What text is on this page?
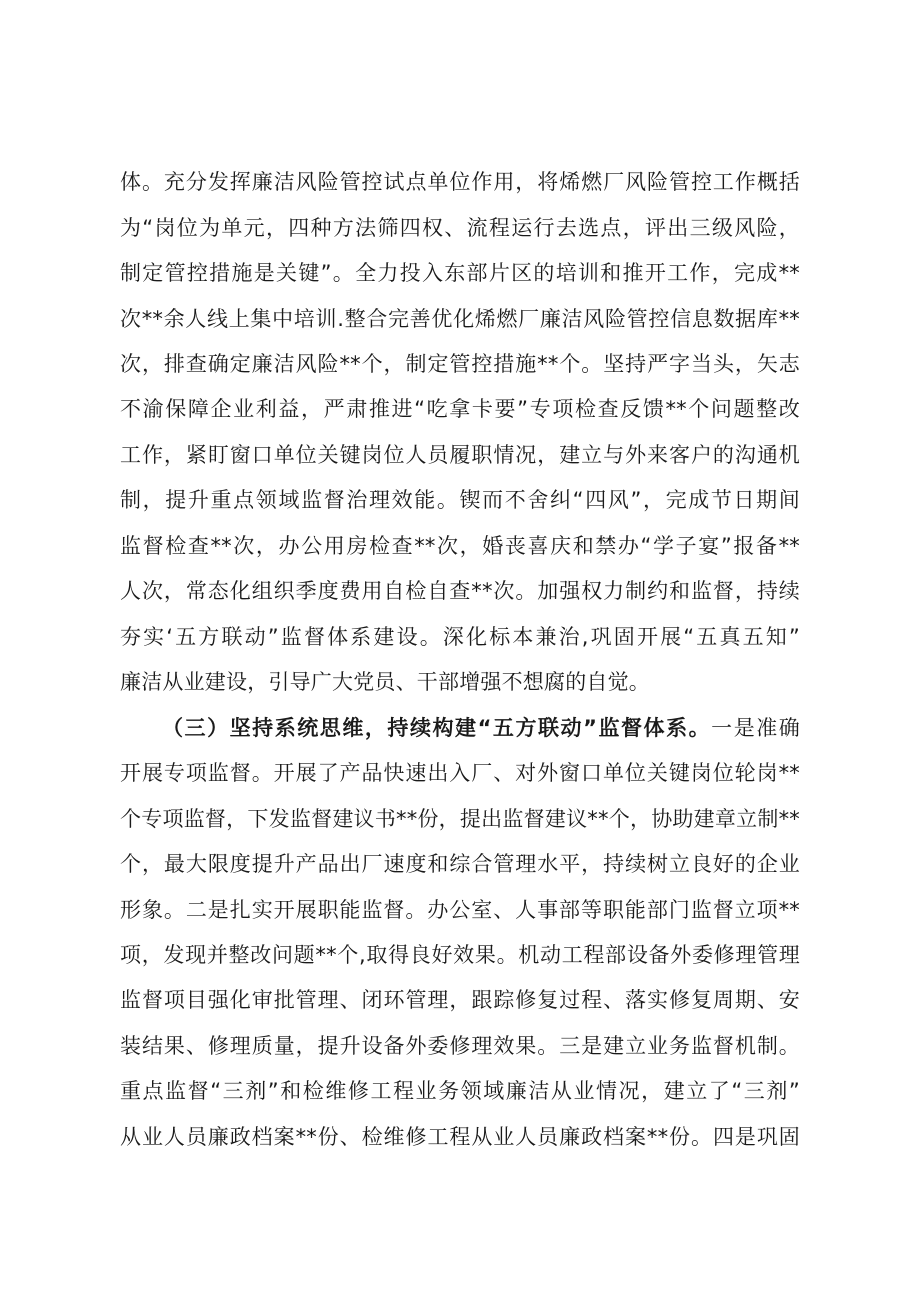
体。充分发挥廉洁风险管控试点单位作用，将烯燃厂风险管控工作概括
为“岗位为单元，四种方法筛四权、流程运行去选点，评出三级风险，
制定管控措施是关键”。全力投入东部片区的培训和推开工作，完成**
次**余人线上集中培训.整合完善优化烯燃厂廉洁风险管控信息数据库**
次，排查确定廉洁风险**个，制定管控措施**个。坚持严字当头，矢志
不渝保障企业利益，严肃推进“吃拿卡要”专项检查反馈**个问题整改
工作，紧盯窗口单位关键岗位人员履职情况，建立与外来客户的沟通机
制，提升重点领域监督治理效能。锲而不舍纠“四风”，完成节日期间
监督检查**次，办公用房检查**次，婚丧喜庆和禁办“学子宴”报备**
人次，常态化组织季度费用自检自查**次。加强权力制约和监督，持续
夯实‘五方联动”监督体系建设。深化标本兼治,巩固开展“五真五知”
廉洁从业建设，引导广大党员、干部增强不想腐的自觉。
（三）坚持系统思维，持续构建“五方联动”监督体系。一是准确
开展专项监督。开展了产品快速出入厂、对外窗口单位关键岗位轮岗**
个专项监督，下发监督建议书**份，提出监督建议**个，协助建章立制**
个，最大限度提升产品出厂速度和综合管理水平，持续树立良好的企业
形象。二是扎实开展职能监督。办公室、人事部等职能部门监督立项**
项，发现并整改问题**个,取得良好效果。机动工程部设备外委修理管理
监督项目强化审批管理、闭环管理，跟踪修复过程、落实修复周期、安
装结果、修理质量，提升设备外委修理效果。三是建立业务监督机制。
重点监督“三剂”和检维修工程业务领域廉洁从业情况，建立了“三剂”
从业人员廉政档案**份、检维修工程从业人员廉政档案**份。四是巩固
